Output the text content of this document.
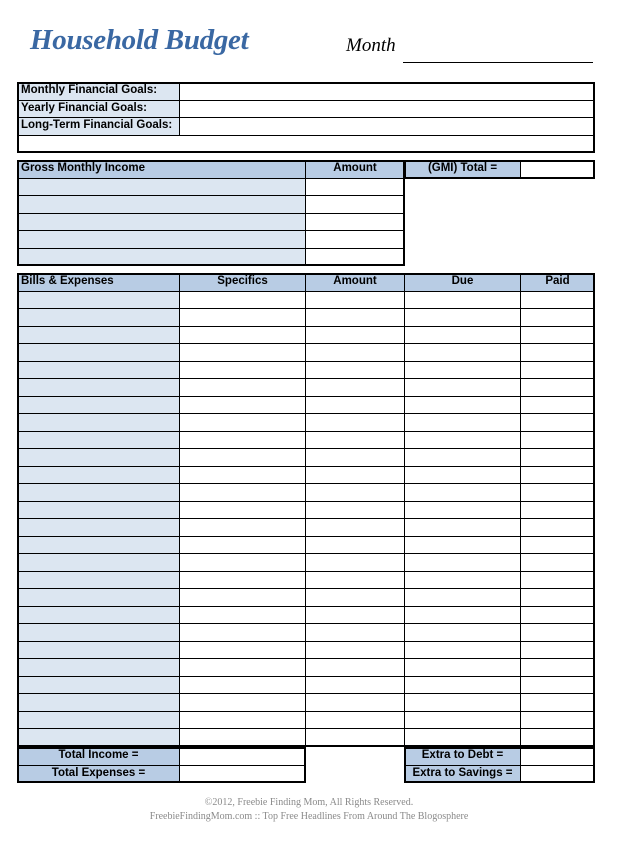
Household Budget	Month
Monthly Financial Goals:
Yearly Financial Goals:
Long-Term Financial Goals:
Gross Monthly Income	Amount	(GMI) Total =
Bills & Expenses	Specifics	Amount	Due	Paid
Total Income =
Total Expenses =
Extra to Debt =
Extra to Savings =
©2012, Freebie Finding Mom, All Rights Reserved.
FreebieFindingMom.com :: Top Free Headlines From Around The Blogosphere
